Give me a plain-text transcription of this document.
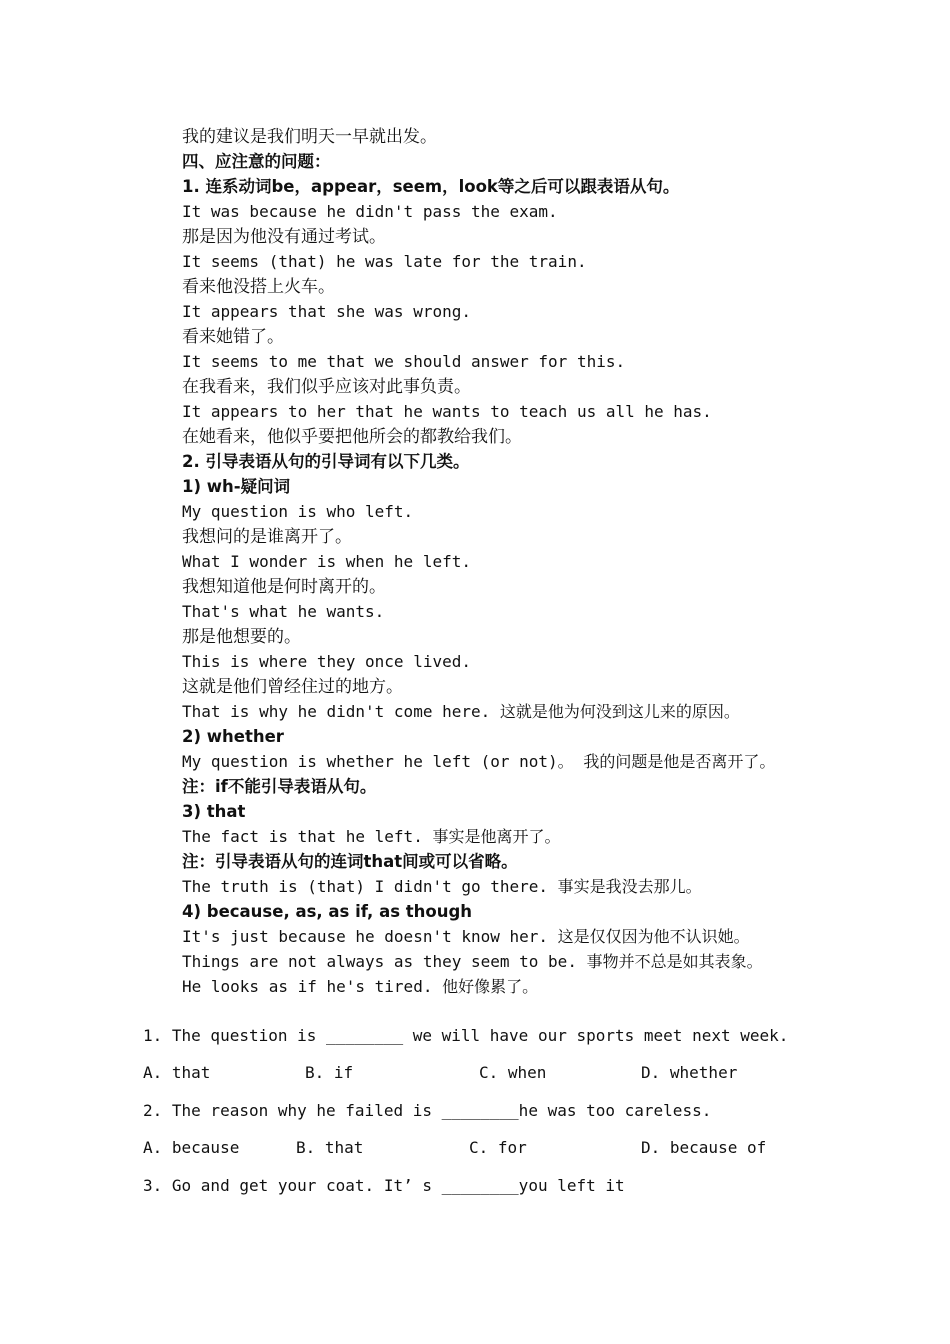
我的建议是我们明天一早就出发。
四、应注意的问题：
1. 连系动词be，appear，seem，look等之后可以跟表语从句。
It was because he didn't pass the exam.
那是因为他没有通过考试。
It seems (that) he was late for the train.
看来他没搭上火车。
It appears that she was wrong.
看来她错了。
It seems to me that we should answer for this.
在我看来，我们似乎应该对此事负责。
It appears to her that he wants to teach us all he has.
在她看来，他似乎要把他所会的都教给我们。
2. 引导表语从句的引导词有以下几类。
1) wh-疑问词
My question is who left.
我想问的是谁离开了。
What I wonder is when he left.
我想知道他是何时离开的。
That's what he wants.
那是他想要的。
This is where they once lived.
这就是他们曾经住过的地方。
That is why he didn't come here. 这就是他为何没到这儿来的原因。
2) whether
My question is whether he left (or not)。 我的问题是他是否离开了。
注：if不能引导表语从句。
3) that
The fact is that he left. 事实是他离开了。
注：引导表语从句的连词that间或可以省略。
The truth is (that) I didn't go there. 事实是我没去那儿。
4) because, as, as if, as though
It's just because he doesn't know her. 这是仅仅因为他不认识她。
Things are not always as they seem to be. 事物并不总是如其表象。
He looks as if he's tired. 他好像累了。
1. The question is ________ we will have our sports meet next week.
A. that	B. if	C. when	D. whether
2. The reason why he failed is ________he was too careless.
A. because	B. that	C. for	D. because of
3. Go and get your coat. It’ s ________you left it
